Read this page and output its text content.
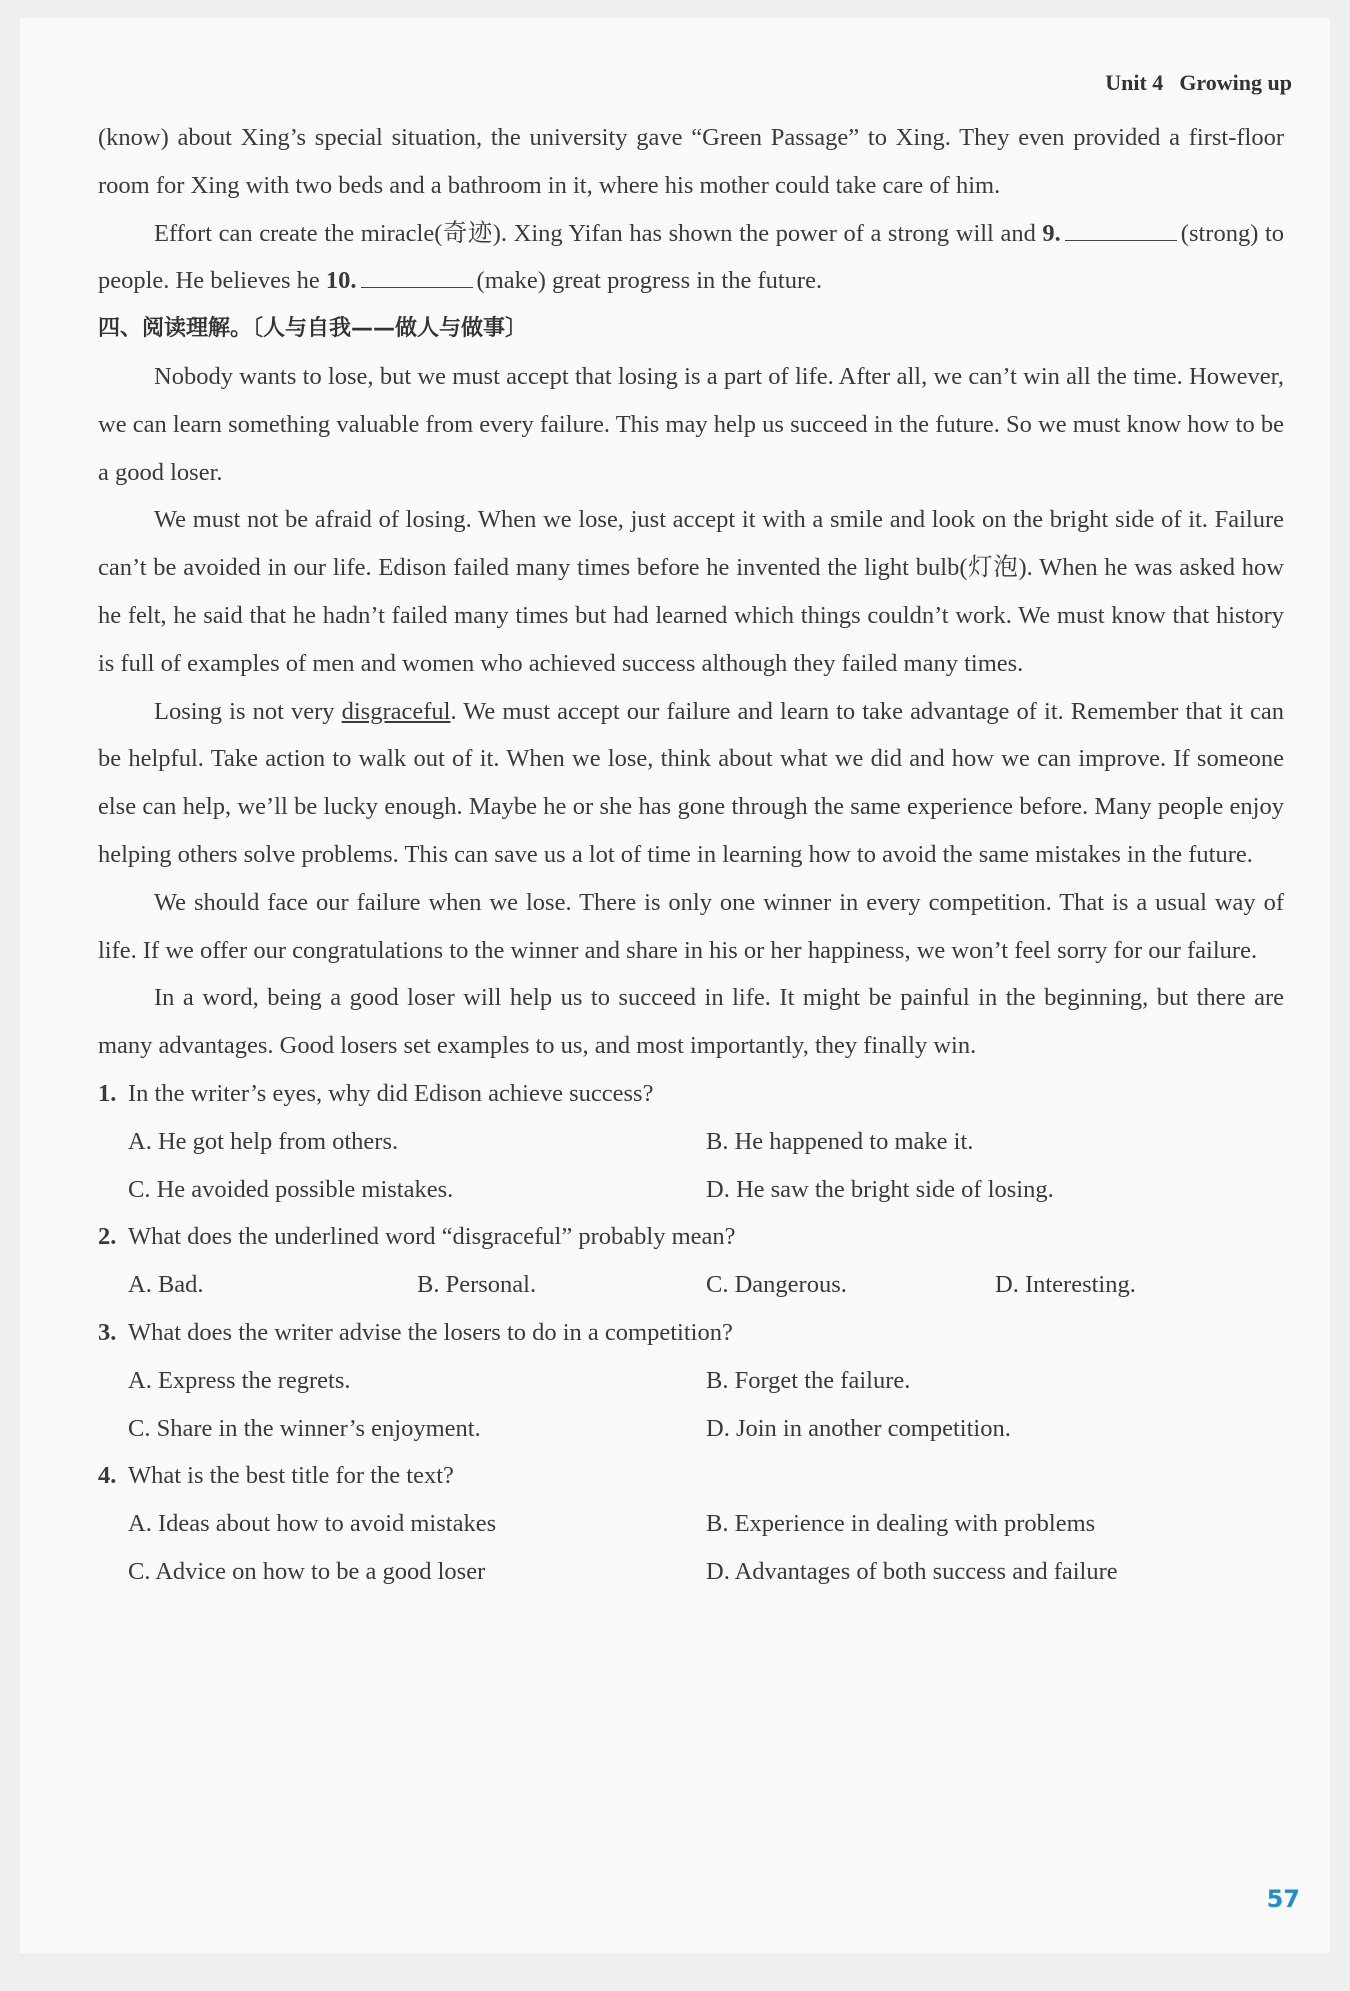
Unit 4 Growing up

(know) about Xing’s special situation, the university gave “Green Passage” to Xing. They even provided a first-floor room for Xing with two beds and a bathroom in it, where his mother could take care of him.

Effort can create the miracle(奇迹). Xing Yifan has shown the power of a strong will and 9.	(strong) to people. He believes he 10.	(make) great progress in the future.

四、阅读理解。〔人与自我——做人与做事〕

Nobody wants to lose, but we must accept that losing is a part of life. After all, we can’t win all the time. However, we can learn something valuable from every failure. This may help us succeed in the future. So we must know how to be a good loser.

We must not be afraid of losing. When we lose, just accept it with a smile and look on the bright side of it. Failure can’t be avoided in our life. Edison failed many times before he invented the light bulb(灯泡). When he was asked how he felt, he said that he hadn’t failed many times but had learned which things couldn’t work. We must know that history is full of examples of men and women who achieved success although they failed many times.

Losing is not very disgraceful. We must accept our failure and learn to take advantage of it. Remember that it can be helpful. Take action to walk out of it. When we lose, think about what we did and how we can improve. If someone else can help, we’ll be lucky enough. Maybe he or she has gone through the same experience before. Many people enjoy helping others solve problems. This can save us a lot of time in learning how to avoid the same mistakes in the future.

We should face our failure when we lose. There is only one winner in every competition. That is a usual way of life. If we offer our congratulations to the winner and share in his or her happiness, we won’t feel sorry for our failure.

In a word, being a good loser will help us to succeed in life. It might be painful in the beginning, but there are many advantages. Good losers set examples to us, and most importantly, they finally win.

1. In the writer’s eyes, why did Edison achieve success?
A. He got help from others.	B. He happened to make it.
C. He avoided possible mistakes.	D. He saw the bright side of losing.
2. What does the underlined word “disgraceful” probably mean?
A. Bad.	B. Personal.	C. Dangerous.	D. Interesting.
3. What does the writer advise the losers to do in a competition?
A. Express the regrets.	B. Forget the failure.
C. Share in the winner’s enjoyment.	D. Join in another competition.
4. What is the best title for the text?
A. Ideas about how to avoid mistakes	B. Experience in dealing with problems
C. Advice on how to be a good loser	D. Advantages of both success and failure
57
